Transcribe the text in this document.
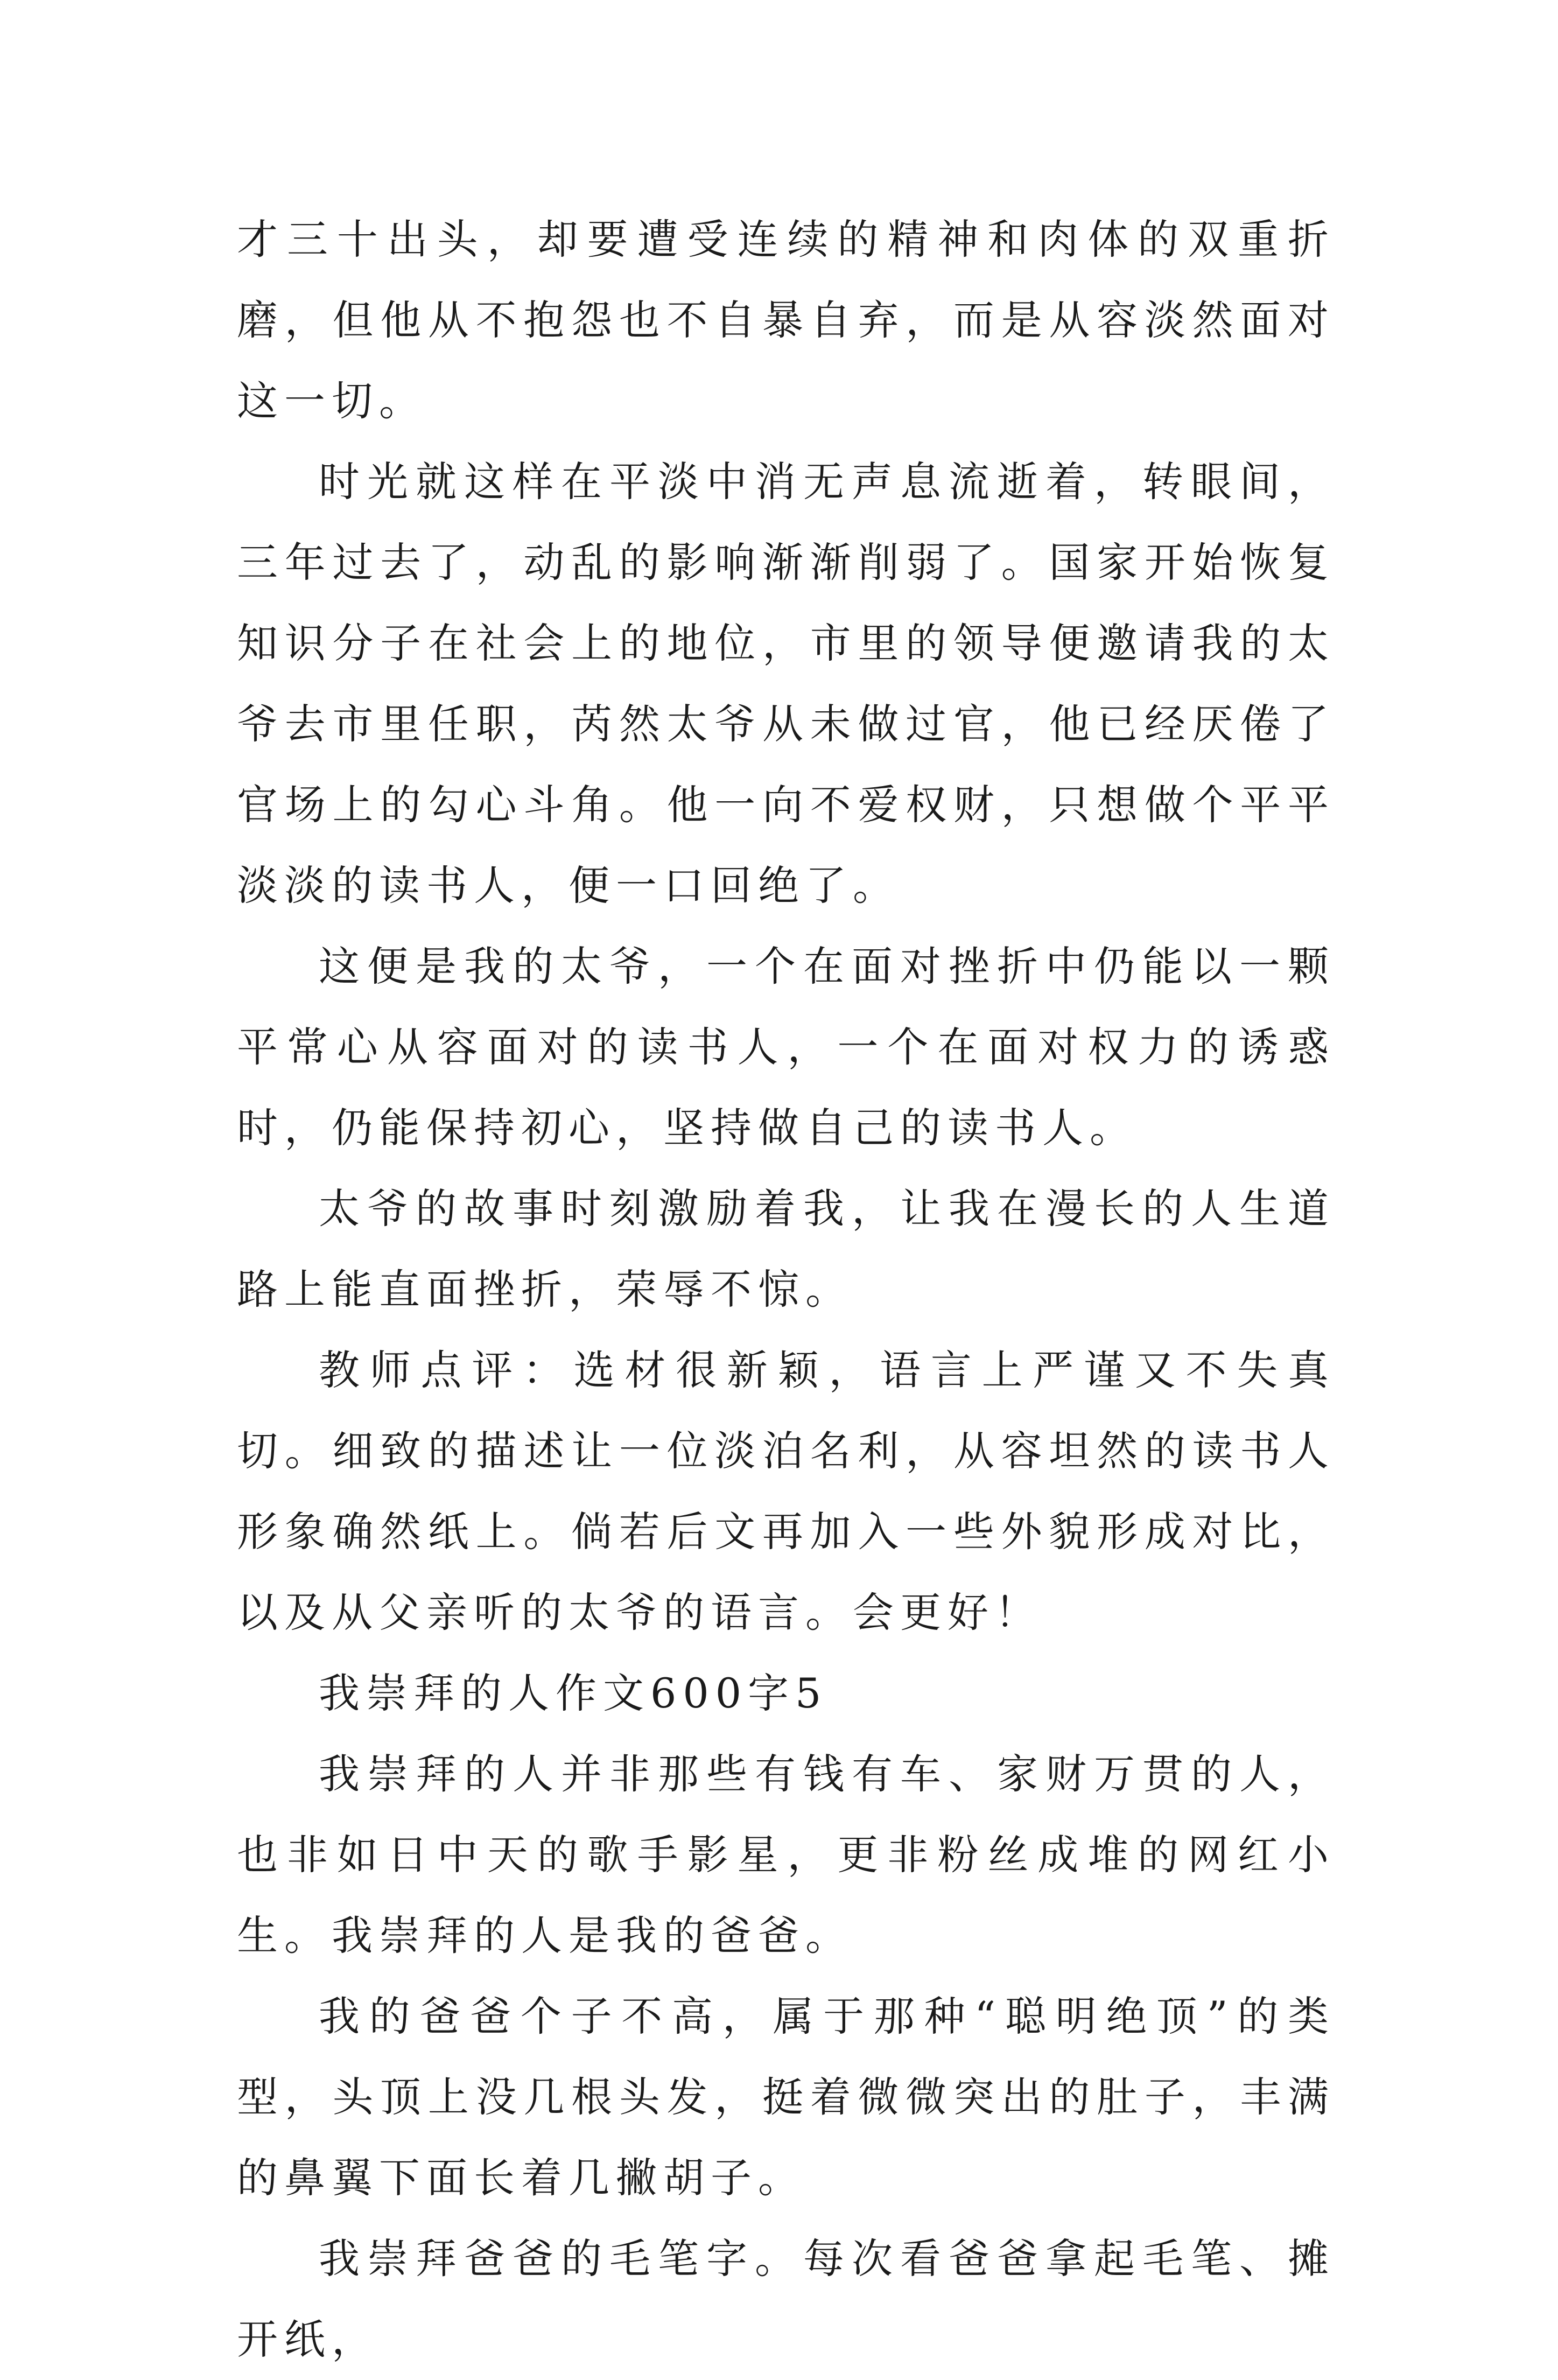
才三十出头，却要遭受连续的精神和肉体的双重折磨，但他从不抱怨也不自暴自弃，而是从容淡然面对这一切。

时光就这样在平淡中消无声息流逝着，转眼间，三年过去了，动乱的影响渐渐削弱了。国家开始恢复知识分子在社会上的地位，市里的领导便邀请我的太爷去市里任职，芮然太爷从未做过官，他已经厌倦了官场上的勾心斗角。他一向不爱权财，只想做个平平淡淡的读书人，便一口回绝了。

这便是我的太爷，一个在面对挫折中仍能以一颗平常心从容面对的读书人，一个在面对权力的诱惑时，仍能保持初心，坚持做自己的读书人。

太爷的故事时刻激励着我，让我在漫长的人生道路上能直面挫折，荣辱不惊。

教师点评：选材很新颖，语言上严谨又不失真切。细致的描述让一位淡泊名利，从容坦然的读书人形象确然纸上。倘若后文再加入一些外貌形成对比，以及从父亲听的太爷的语言。会更好！

我崇拜的人作文600字5

我崇拜的人并非那些有钱有车、家财万贯的人，也非如日中天的歌手影星，更非粉丝成堆的网红小生。我崇拜的人是我的爸爸。

我的爸爸个子不高，属于那种“聪明绝顶”的类型，头顶上没几根头发，挺着微微突出的肚子，丰满的鼻翼下面长着几撇胡子。

我崇拜爸爸的毛笔字。每次看爸爸拿起毛笔、摊开纸，
